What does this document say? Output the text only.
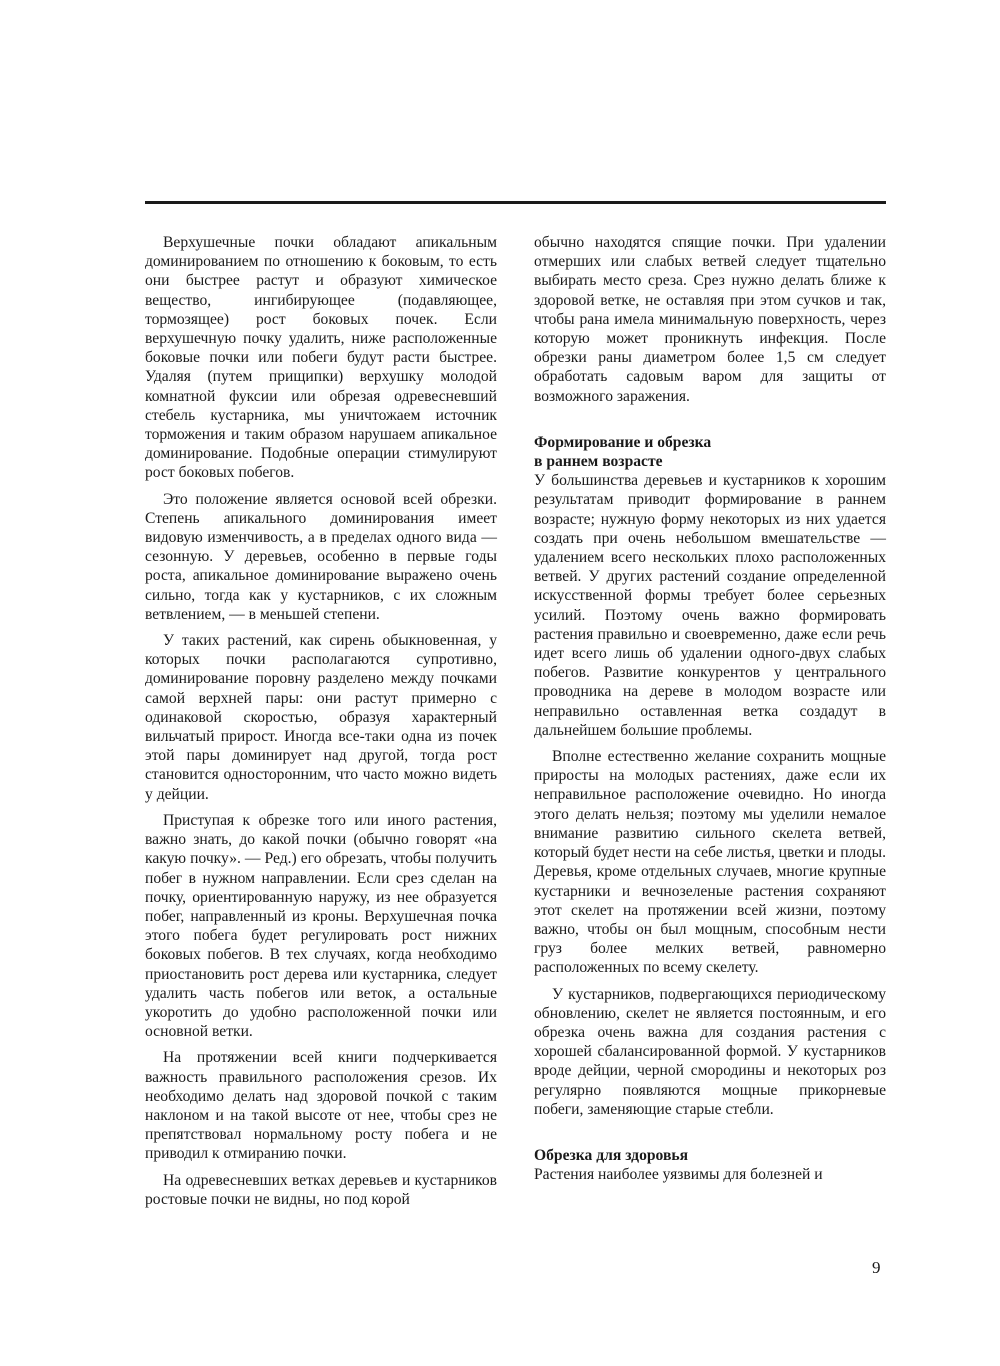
Верхушечные почки обладают апикальным доминированием по отношению к боковым, то есть они быстрее растут и образуют химическое вещество, ингибирующее (подавляющее, тормозящее) рост боковых почек. Если верхушечную почку удалить, ниже расположенные боковые почки или побеги будут расти быстрее. Удаляя (путем прищипки) верхушку молодой комнатной фуксии или обрезая одревесневший стебель кустарника, мы уничтожаем источник торможения и таким образом нарушаем апикальное доминирование. Подобные операции стимулируют рост боковых побегов.

Это положение является основой всей обрезки. Степень апикального доминирования имеет видовую изменчивость, а в пределах одного вида — сезонную. У деревьев, особенно в первые годы роста, апикальное доминирование выражено очень сильно, тогда как у кустарников, с их сложным ветвлением, — в меньшей степени.

У таких растений, как сирень обыкновенная, у которых почки располагаются супротивно, доминирование поровну разделено между почками самой верхней пары: они растут примерно с одинаковой скоростью, образуя характерный вильчатый прирост. Иногда все-таки одна из почек этой пары доминирует над другой, тогда рост становится односторонним, что часто можно видеть у дейции.

Приступая к обрезке того или иного растения, важно знать, до какой почки (обычно говорят «на какую почку». — Ред.) его обрезать, чтобы получить побег в нужном направлении. Если срез сделан на почку, ориентированную наружу, из нее образуется побег, направленный из кроны. Верхушечная почка этого побега будет регулировать рост нижних боковых побегов. В тех случаях, когда необходимо приостановить рост дерева или кустарника, следует удалить часть побегов или веток, а остальные укоротить до удобно расположенной почки или основной ветки.

На протяжении всей книги подчеркивается важность правильного расположения срезов. Их необходимо делать над здоровой почкой с таким наклоном и на такой высоте от нее, чтобы срез не препятствовал нормальному росту побега и не приводил к отмиранию почки.

На одревесневших ветках деревьев и кустарников ростовые почки не видны, но под корой

обычно находятся спящие почки. При удалении отмерших или слабых ветвей следует тщательно выбирать место среза. Срез нужно делать ближе к здоровой ветке, не оставляя при этом сучков и так, чтобы рана имела минимальную поверхность, через которую может проникнуть инфекция. После обрезки раны диаметром более 1,5 см следует обработать садовым варом для защиты от возможного заражения.

Формирование и обрезка
в раннем возрасте

У большинства деревьев и кустарников к хорошим результатам приводит формирование в раннем возрасте; нужную форму некоторых из них удается создать при очень небольшом вмешательстве — удалением всего нескольких плохо расположенных ветвей. У других растений создание определенной искусственной формы требует более серьезных усилий. Поэтому очень важно формировать растения правильно и своевременно, даже если речь идет всего лишь об удалении одного-двух слабых побегов. Развитие конкурентов у центрального проводника на дереве в молодом возрасте или неправильно оставленная ветка создадут в дальнейшем большие проблемы.

Вполне естественно желание сохранить мощные приросты на молодых растениях, даже если их неправильное расположение очевидно. Но иногда этого делать нельзя; поэтому мы уделили немалое внимание развитию сильного скелета ветвей, который будет нести на себе листья, цветки и плоды. Деревья, кроме отдельных случаев, многие крупные кустарники и вечнозеленые растения сохраняют этот скелет на протяжении всей жизни, поэтому важно, чтобы он был мощным, способным нести груз более мелких ветвей, равномерно расположенных по всему скелету.

У кустарников, подвергающихся периодическому обновлению, скелет не является постоянным, и его обрезка очень важна для создания растения с хорошей сбалансированной формой. У кустарников вроде дейции, черной смородины и некоторых роз регулярно появляются мощные прикорневые побеги, заменяющие старые стебли.

Обрезка для здоровья

Растения наиболее уязвимы для болезней и

9
